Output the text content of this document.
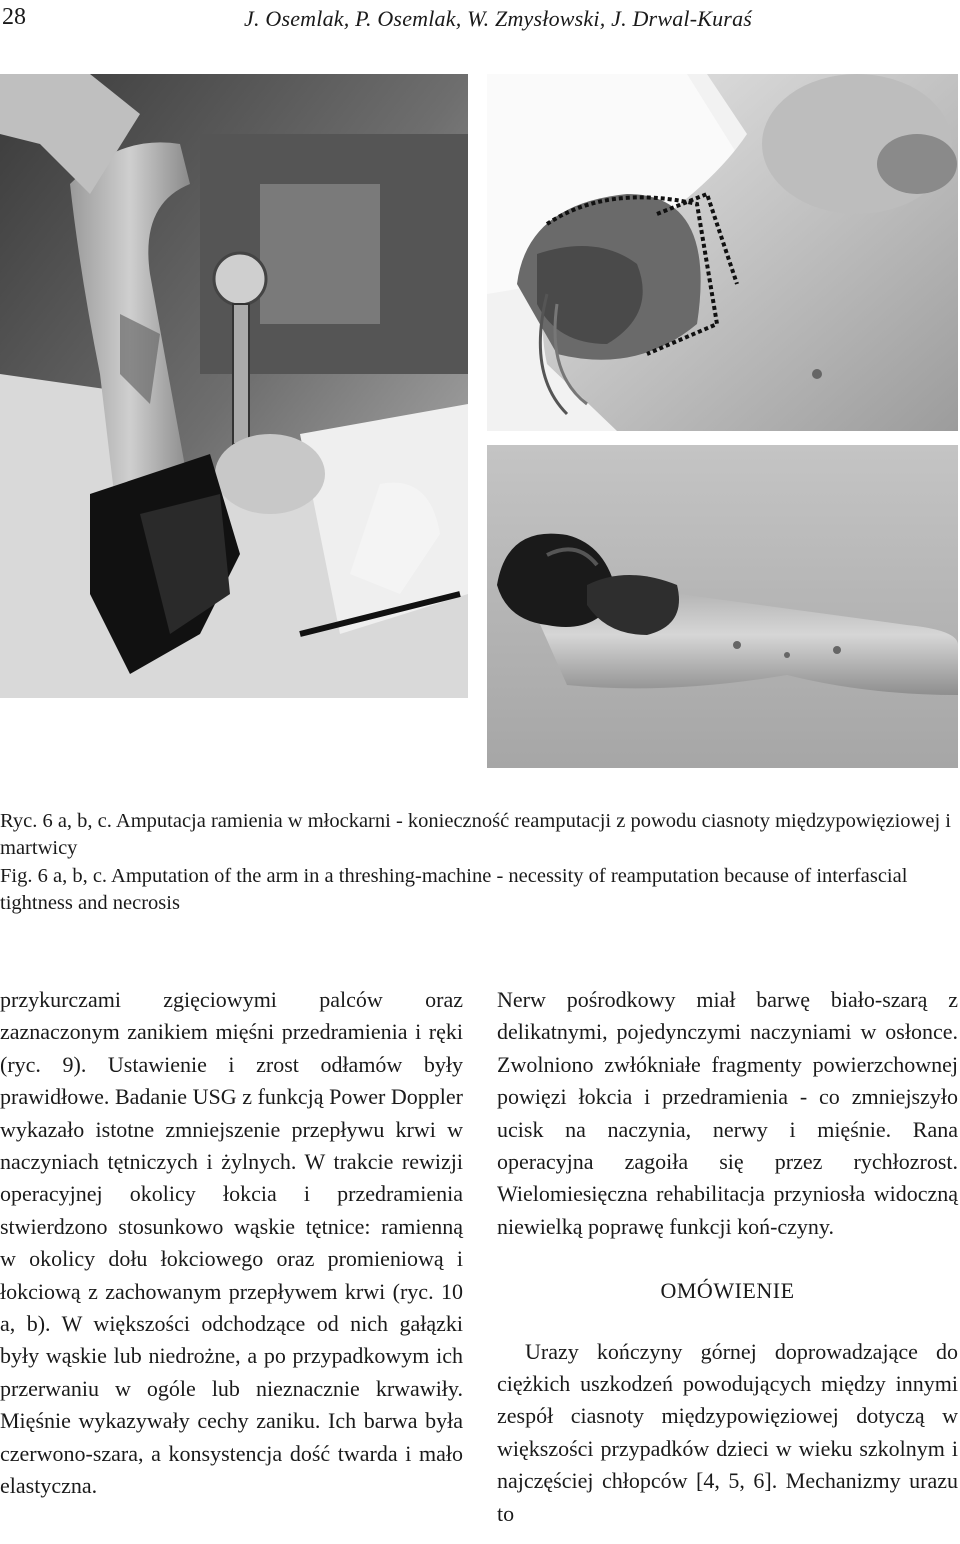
28	J. Osemlak, P. Osemlak, W. Zmysłowski, J. Drwal-Kuraś
Ryc. 6 a, b, c. Amputacja ramienia w młockarni - konieczność reamputacji z powodu ciasnoty międzypowięziowej i martwicy
Fig. 6 a, b, c. Amputation of the arm in a threshing-machine - necessity of reamputation because of interfascial tightness and necrosis

przykurczami zgięciowymi palców oraz zaznaczonym zanikiem mięśni przedramienia i ręki (ryc. 9). Ustawienie i zrost odłamów były prawidłowe. Badanie USG z funkcją Power Doppler wykazało istotne zmniejszenie przepływu krwi w naczyniach tętniczych i żylnych. W trakcie rewizji operacyjnej okolicy łokcia i przedramienia stwierdzono stosunkowo wąskie tętnice: ramienną w okolicy dołu łokciowego oraz promieniową i łokciową z zachowanym przepływem krwi (ryc. 10 a, b). W większości odchodzące od nich gałązki były wąskie lub niedrożne, a po przypadkowym ich przerwaniu w ogóle lub nieznacznie krwawiły. Mięśnie wykazywały cechy zaniku. Ich barwa była czerwono-szara, a konsystencja dość twarda i mało elastyczna.

Nerw pośrodkowy miał barwę biało-szarą z delikatnymi, pojedynczymi naczyniami w osłonce. Zwolniono zwłókniałe fragmenty powierzchownej powięzi łokcia i przedramienia - co zmniejszyło ucisk na naczynia, nerwy i mięśnie. Rana operacyjna zagoiła się przez rychłozrost. Wielomiesięczna rehabilitacja przyniosła widoczną niewielką poprawę funkcji koń-czyny.

OMÓWIENIE

Urazy kończyny górnej doprowadzające do ciężkich uszkodzeń powodujących między innymi zespół ciasnoty międzypowięziowej dotyczą w większości przypadków dzieci w wieku szkolnym i najczęściej chłopców [4, 5, 6]. Mechanizmy urazu to
